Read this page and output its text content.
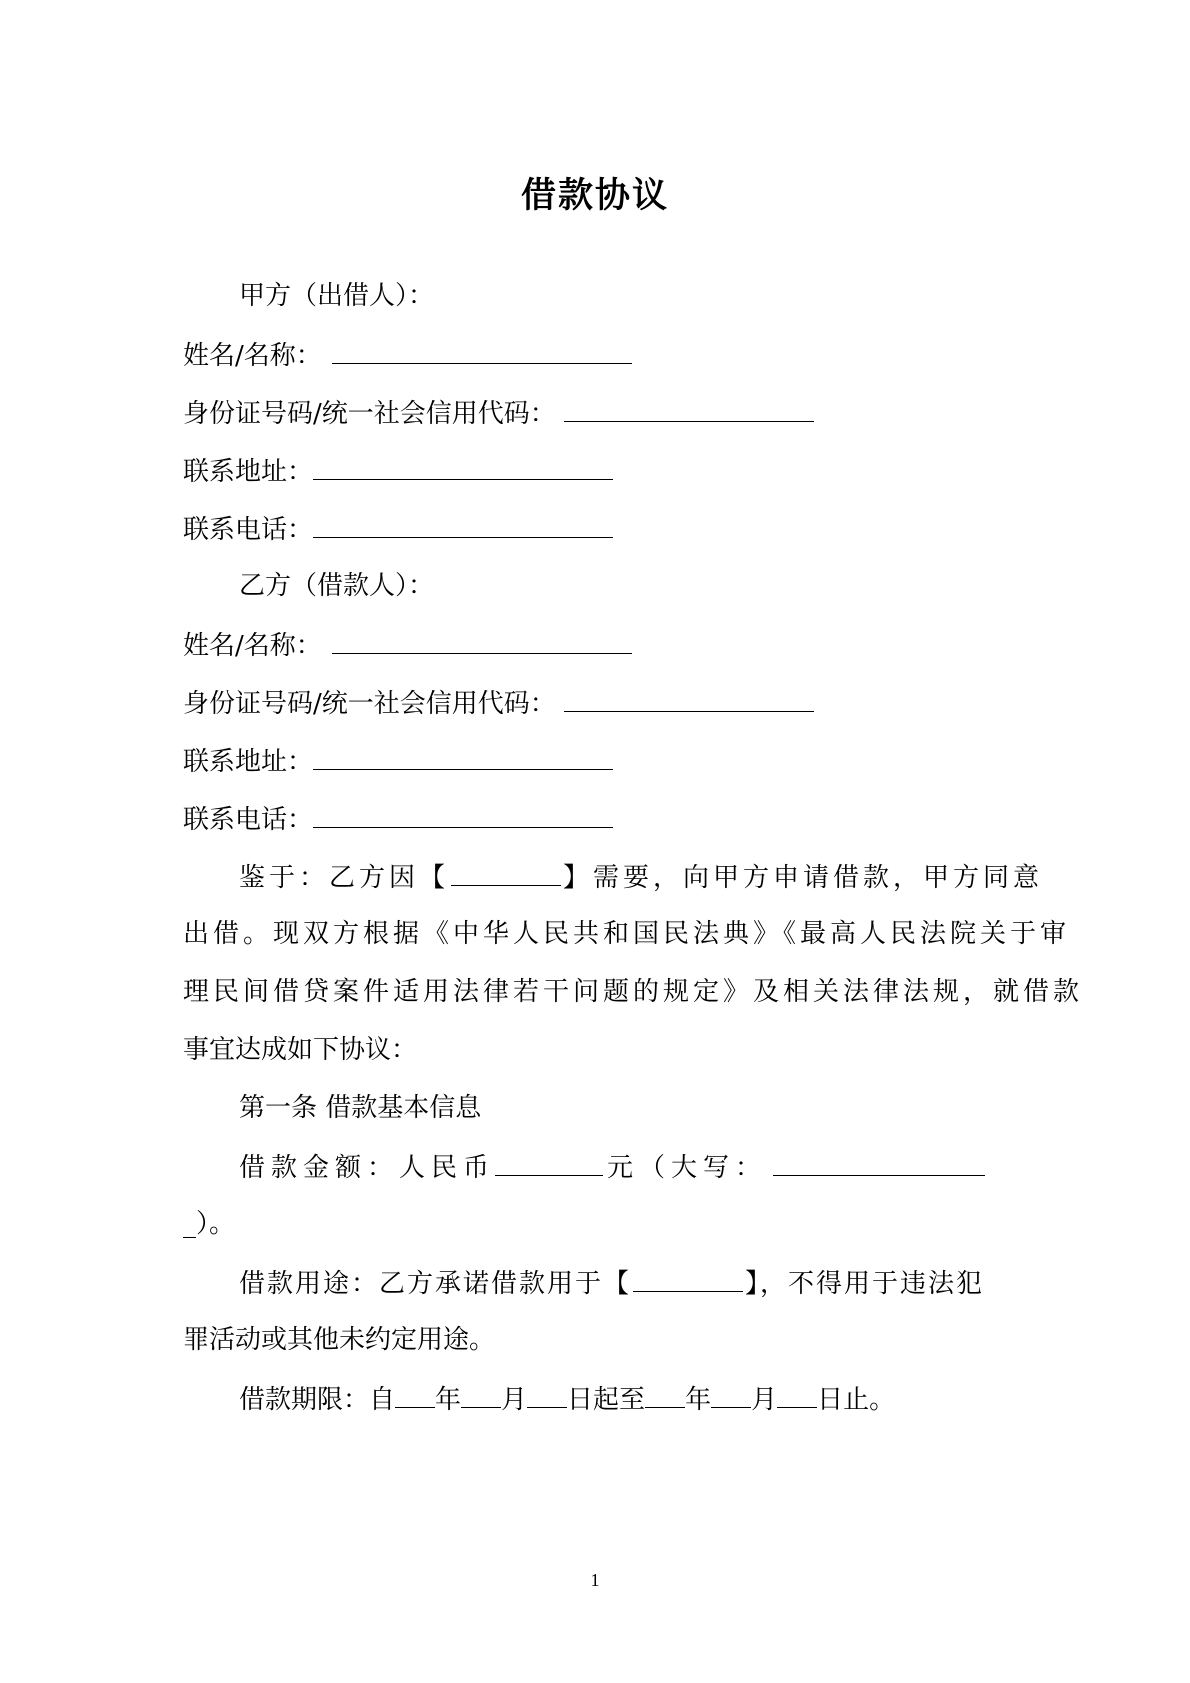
借款协议
甲方（出借人）：
姓名/名称：
身份证号码/统一社会信用代码：
联系地址：
联系电话：
乙方（借款人）：
姓名/名称：
身份证号码/统一社会信用代码：
联系地址：
联系电话：
鉴于：乙方因【	】需要，向甲方申请借款，甲方同意
出借。现双方根据《中华人民共和国民法典》《最高人民法院关于审
理民间借贷案件适用法律若干问题的规定》及相关法律法规，就借款
事宜达成如下协议：
第一条 借款基本信息
借款金额：人民币	元（大写：
_）。
借款用途：乙方承诺借款用于【	】，不得用于违法犯
罪活动或其他未约定用途。
借款期限：自 年 月 日起至 年 月 日止。
1
